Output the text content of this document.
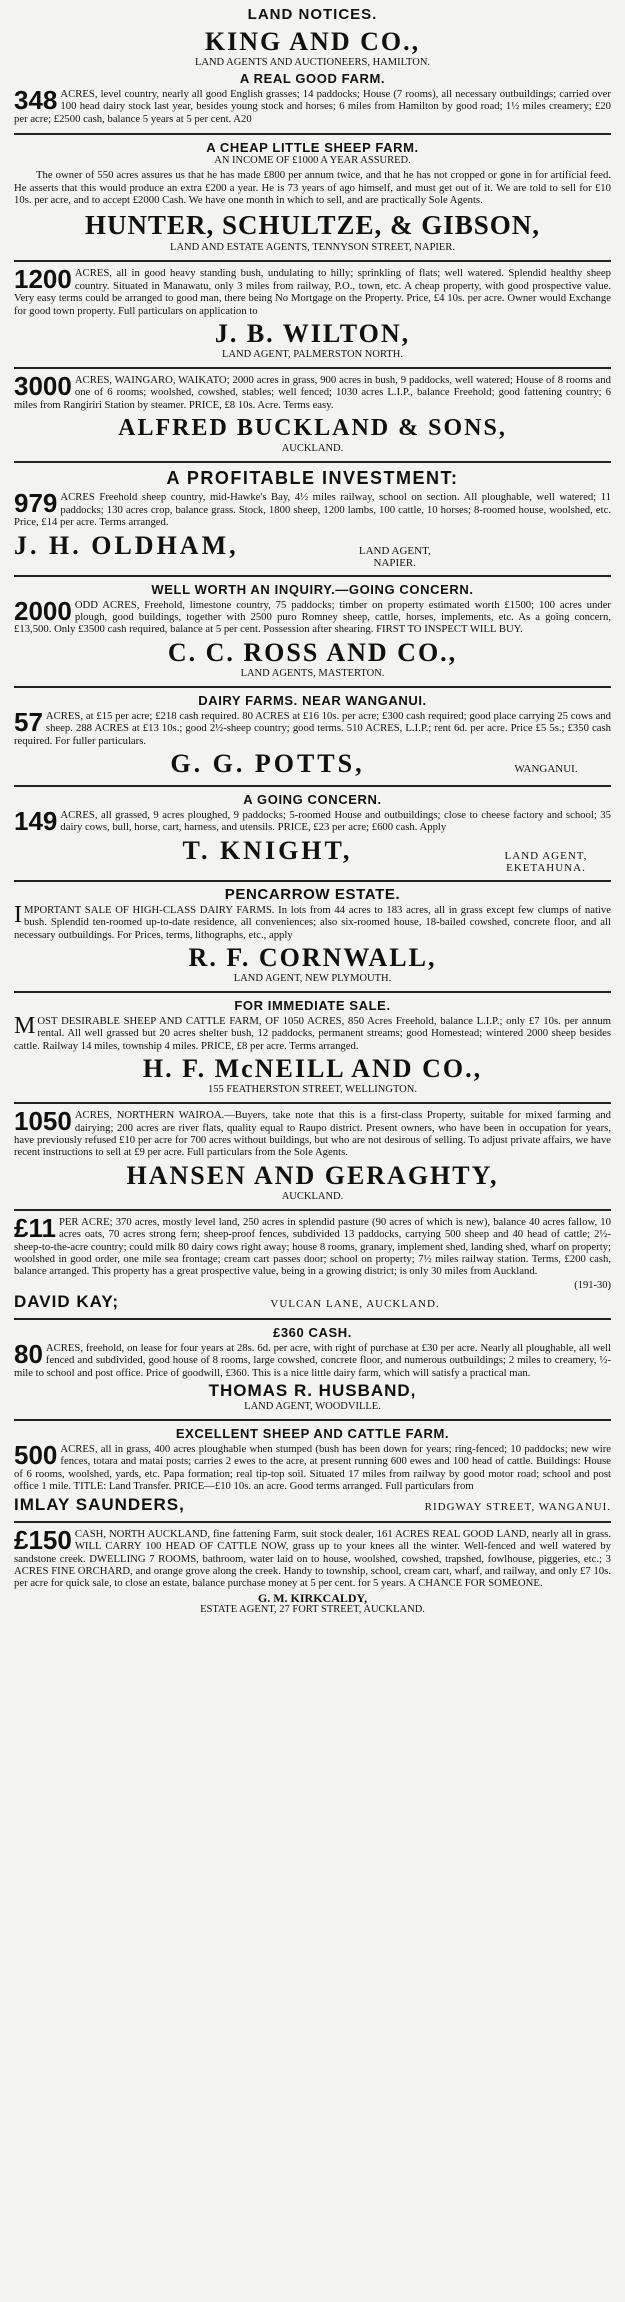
LAND NOTICES.
KING AND CO.,
LAND AGENTS AND AUCTIONEERS, HAMILTON.
A REAL GOOD FARM.
348 ACRES, level country, nearly all good English grasses; 14 paddocks; House (7 rooms), all necessary outbuildings; carried over 100 head dairy stock last year, besides young stock and horses; 6 miles from Hamilton by good road; 1½ miles creamery; £20 per acre; £2500 cash, balance 5 years at 5 per cent. A20
A CHEAP LITTLE SHEEP FARM.
AN INCOME OF £1000 A YEAR ASSURED.
The owner of 550 acres assures us that he has made £800 per annum twice, and that he has not cropped or gone in for artificial feed. He asserts that this would produce an extra £200 a year. He is 73 years of ago himself, and must get out of it. We are told to sell for £10 10s. per acre, and to accept £2000 Cash. We have one month in which to sell, and are practically Sole Agents.
HUNTER, SCHULTZE, & GIBSON,
LAND AND ESTATE AGENTS, TENNYSON STREET, NAPIER.
1200 ACRES, all in good heavy standing bush, undulating to hilly; sprinkling of flats; well watered. Splendid healthy sheep country. Situated in Manawatu, only 3 miles from railway, P.O., town, etc. A cheap property, with good prospective value. Very easy terms could be arranged to good man, there being No Mortgage on the Property. Price, £4 10s. per acre. Owner would Exchange for good town property. Full particulars on application to
J. B. WILTON,
LAND AGENT, PALMERSTON NORTH.
3000 ACRES, WAINGARO, WAIKATO; 2000 acres in grass, 900 acres in bush, 9 paddocks, well watered; House of 8 rooms and one of 6 rooms; woolshed, cowshed, stables; well fenced; 1030 acres L.I.P., balance Freehold; good fattening country; 6 miles from Rangiriri Station by steamer. PRICE, £8 10s. Acre. Terms easy.
ALFRED BUCKLAND & SONS,
AUCKLAND.
A PROFITABLE INVESTMENT:
979 ACRES Freehold sheep country, mid-Hawke's Bay, 4½ miles railway, school on section. All ploughable, well watered; 11 paddocks; 130 acres crop, balance grass. Stock, 1800 sheep, 1200 lambs, 100 cattle, 10 horses; 8-roomed house, woolshed, etc. Price, £14 per acre. Terms arranged.
J. H. OLDHAM,	LAND AGENT, NAPIER.
WELL WORTH AN INQUIRY.—GOING CONCERN.
2000 ODD ACRES, Freehold, limestone country, 75 paddocks; timber on property estimated worth £1500; 100 acres under plough, good buildings, together with 2500 puro Romney sheep, cattle, horses, implements, etc. As a going concern, £13,500. Only £3500 cash required, balance at 5 per cent. Possession after shearing. FIRST TO INSPECT WILL BUY.
C. C. ROSS AND CO.,
LAND AGENTS, MASTERTON.
DAIRY FARMS. NEAR WANGANUI.
57 ACRES, at £15 per acre; £218 cash required. 80 ACRES at £16 10s. per acre; £300 cash required; good place carrying 25 cows and sheep. 288 ACRES at £13 10s.; good 2½-sheep country; good terms. 510 ACRES, L.I.P.; rent 6d. per acre. Price £5 5s.; £350 cash required. For fuller particulars.
G. G. POTTS,	WANGANUI.
A GOING CONCERN.
149 ACRES, all grassed, 9 acres ploughed, 9 paddocks; 5-roomed House and outbuildings; close to cheese factory and school; 35 dairy cows, bull, horse, cart, harness, and utensils. PRICE, £23 per acre; £600 cash. Apply
T. KNIGHT,	LAND AGENT, EKETAHUNA.
PENCARROW ESTATE.
IMPORTANT SALE OF HIGH-CLASS DAIRY FARMS. In lots from 44 acres to 183 acres, all in grass except few clumps of native bush. Splendid ten-roomed up-to-date residence, all conveniences; also six-roomed house, 18-bailed cowshed, concrete floor, and all necessary outbuildings. For Prices, terms, lithographs, etc., apply
R. F. CORNWALL,
LAND AGENT, NEW PLYMOUTH.
FOR IMMEDIATE SALE.
MOST DESIRABLE SHEEP AND CATTLE FARM, OF 1050 ACRES, 850 Acres Freehold, balance L.I.P.; only £7 10s. per annum rental. All well grassed but 20 acres shelter bush, 12 paddocks, permanent streams; good Homestead; wintered 2000 sheep besides cattle. Railway 14 miles, township 4 miles. PRICE, £8 per acre. Terms arranged.
H. F. McNEILL AND CO.,
155 FEATHERSTON STREET, WELLINGTON.
1050 ACRES, NORTHERN WAIROA.—Buyers, take note that this is a first-class Property, suitable for mixed farming and dairying; 200 acres are river flats, quality equal to Raupo district. Present owners, who have been in occupation for years, have previously refused £10 per acre for 700 acres without buildings, but who are not desirous of selling. To adjust private affairs, we have recent instructions to sell at £9 per acre. Full particulars from the Sole Agents.
HANSEN AND GERAGHTY,
AUCKLAND.
£11 PER ACRE; 370 acres, mostly level land, 250 acres in splendid pasture (90 acres of which is new), balance 40 acres fallow, 10 acres oats, 70 acres strong fern; sheep-proof fences, subdivided 13 paddocks, carrying 500 sheep and 40 head of cattle; 2½-sheep-to-the-acre country; could milk 80 dairy cows right away; house 8 rooms, granary, implement shed, landing shed, wharf on property; woolshed in good order, one mile sea frontage; cream cart passes door; school on property; 7½ miles railway station. Terms, £200 cash, balance arranged. This property has a great prospective value, being in a growing district; is only 30 miles from Auckland.
(191-30)
DAVID KAY;	VULCAN LANE, AUCKLAND.
£360 CASH.
80 ACRES, freehold, on lease for four years at 28s. 6d. per acre, with right of purchase at £30 per acre. Nearly all ploughable, all well fenced and subdivided, good house of 8 rooms, large cowshed, concrete floor, and numerous outbuildings; 2 miles to creamery, ½-mile to school and post office. Price of goodwill, £360. This is a nice little dairy farm, which will satisfy a practical man.
THOMAS R. HUSBAND,
LAND AGENT, WOODVILLE.
EXCELLENT SHEEP AND CATTLE FARM.
500 ACRES, all in grass, 400 acres ploughable when stumped (bush has been down for years; ring-fenced; 10 paddocks; new wire fences, totara and matai posts; carries 2 ewes to the acre, at present running 600 ewes and 100 head of cattle. Buildings: House of 6 rooms, woolshed, yards, etc. Papa formation; real tip-top soil. Situated 17 miles from railway by good motor road; school and post office 1 mile. TITLE: Land Transfer. PRICE—£10 10s. an acre. Good terms arranged. Full particulars from
IMLAY SAUNDERS,	RIDGWAY STREET, WANGANUI.
£150 CASH, NORTH AUCKLAND, fine fattening Farm, suit stock dealer, 161 ACRES REAL GOOD LAND, nearly all in grass. WILL CARRY 100 HEAD OF CATTLE NOW, grass up to your knees all the winter. Well-fenced and well watered by sandstone creek. DWELLING 7 ROOMS, bathroom, water laid on to house, woolshed, cowshed, trapshed, fowlhouse, piggeries, etc.; 3 ACRES FINE ORCHARD, and orange grove along the creek. Handy to township, school, cream cart, wharf, and railway, and only £7 10s. per acre for quick sale, to close an estate, balance purchase money at 5 per cent. for 5 years. A CHANCE FOR SOMEONE.
G. M. KIRKCALDY,
ESTATE AGENT, 27 FORT STREET, AUCKLAND.
